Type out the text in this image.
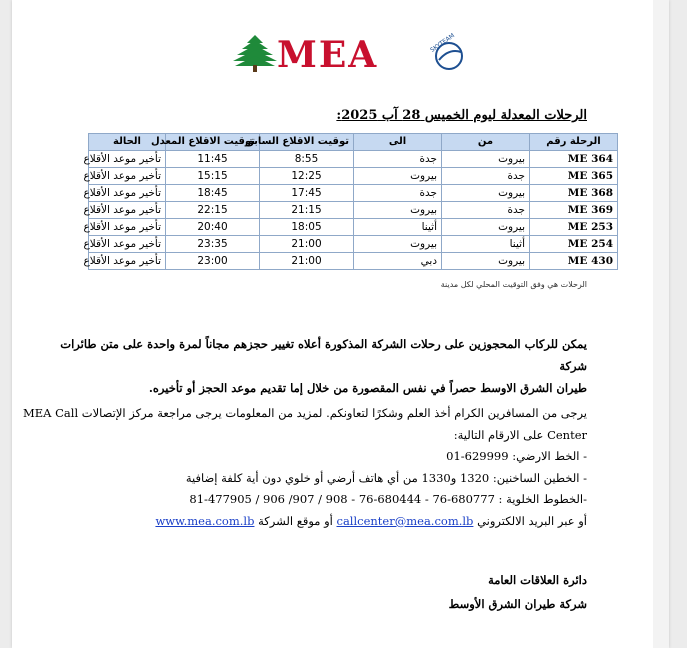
MEA	SKYTEAM
الرحلات المعدلة ليوم الخميس 28 آب 2025:
الرحلة رقم	من	الى	توقيت الاقلاع السابق	توقيت الاقلاع المعدل	الحالة
ME 364	بيروت	جدة	8:55	11:45	تأخير موعد الأقلاع
ME 365	جدة	بيروت	12:25	15:15	تأخير موعد الأقلاع
ME 368	بيروت	جدة	17:45	18:45	تأخير موعد الأقلاع
ME 369	جدة	بيروت	21:15	22:15	تأخير موعد الأقلاع
ME 253	بيروت	أثينا	18:05	20:40	تأخير موعد الأقلاع
ME 254	أثينا	بيروت	21:00	23:35	تأخير موعد الأقلاع
ME 430	بيروت	دبي	21:00	23:00	تأخير موعد الأقلاع
الرحلات هي وفق التوقيت المحلي لكل مدينة
يمكن للركاب المحجوزين على رحلات الشركة المذكورة أعلاه تغيير حجزهم مجاناً لمرة واحدة على متن طائرات شركة
طيران الشرق الاوسط حصراً في نفس المقصورة من خلال إما تقديم موعد الحجز أو تأخيره.
يرجى من المسافرين الكرام أخذ العلم وشكرًا لتعاونكم. لمزيد من المعلومات يرجى مراجعة مركز الإتصالات MEA Call
Center على الارقام التالية:
- الخط الارضي: 629999-01
- الخطين الساخنين: 1320 و1330 من أي هاتف أرضي أو خلوي دون أية كلفة إضافية
-الخطوط الخلوية : 680777-76 - 680444-76 - 908 / 907/ 906 / 477905-81
أو عبر البريد الالكتروني callcenter@mea.com.lb أو موقع الشركة www.mea.com.lb
دائرة العلاقات العامة
شركة طيران الشرق الأوسط
